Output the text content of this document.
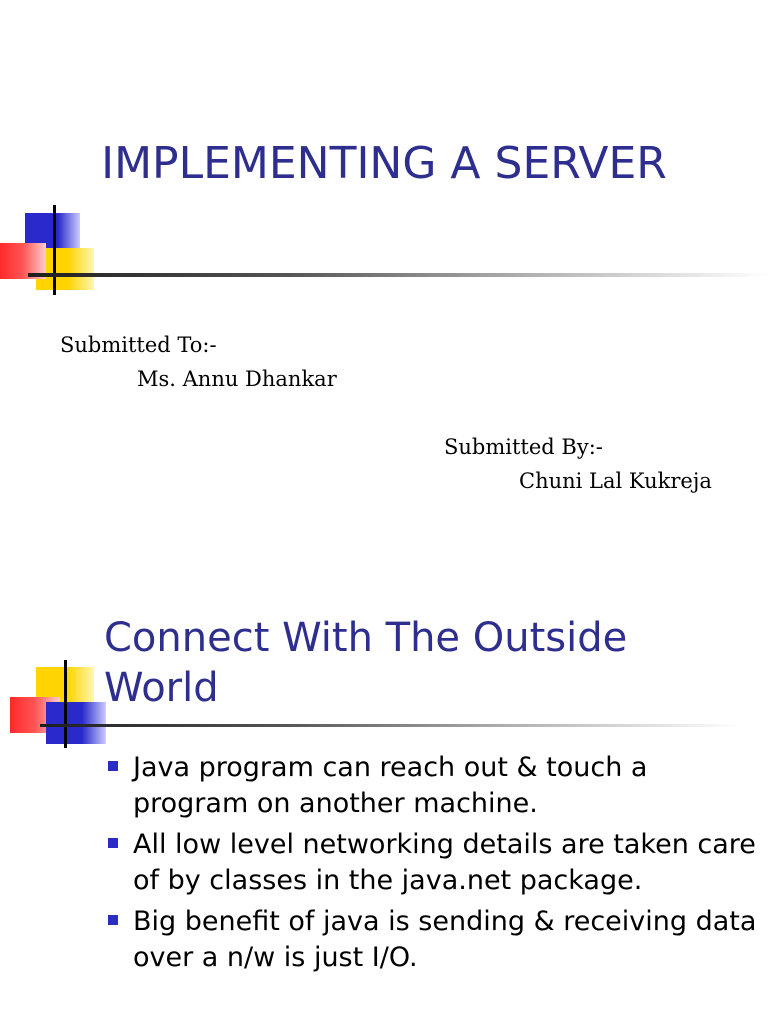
IMPLEMENTING A SERVER
Submitted To:-
Ms. Annu Dhankar
Submitted By:-
Chuni Lal Kukreja
Connect With The Outside
World
Java program can reach out & touch a program on another machine.
All low level networking details are taken care of by classes in the java.net package.
Big benefit of java is sending & receiving data over a n/w is just I/O.
